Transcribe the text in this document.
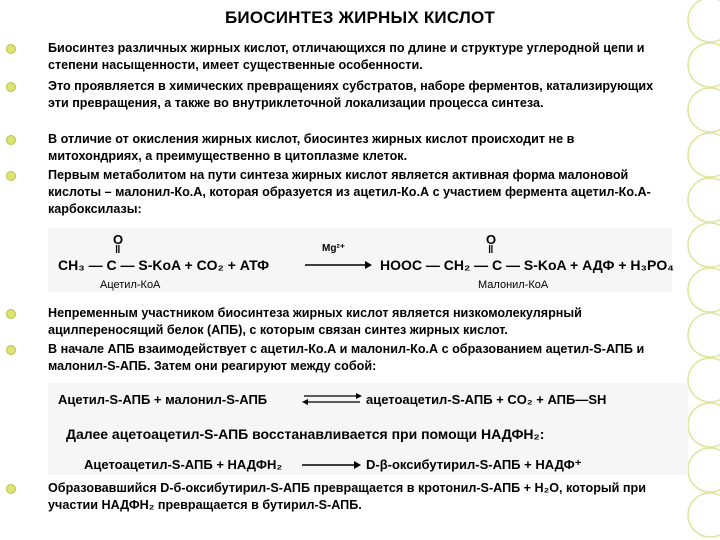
БИОСИНТЕЗ ЖИРНЫХ КИСЛОТ
Биосинтез различных жирных кислот, отличающихся по длине и структуре углеродной цепи и степени насыщенности, имеет существенные особенности.
Это проявляется в химических превращениях субстратов, наборе ферментов, катализирующих эти превращения, а также во внутриклеточной локализации процесса синтеза.
В отличие от окисления жирных кислот, биосинтез жирных кислот происходит не в митохондриях, а преимущественно в цитоплазме клеток.
Первым метаболитом на пути синтеза жирных кислот является активная форма малоновой кислоты – малонил-Ко.А, которая образуется из ацетил-Ко.А с участием фермента ацетил-Ко.А-карбоксилазы:
O
‖
O
‖
CH₃ — C — S-KoA + CO₂ + АТФ
Mg²⁺
HOOC — CH₂ — C — S-KoA + АДФ + H₃PO₄
Ацетил-КоА	Малонил-КоА
Непременным участником биосинтеза жирных кислот является низкомолекулярный ацилпереносящий белок (АПБ), с которым связан синтез жирных кислот.
В начале АПБ взаимодействует с ацетил-Ко.А и малонил-Ко.А с образованием ацетил-S-АПБ и малонил-S-АПБ. Затем они реагируют между собой:
Ацетил-S-АПБ + малонил-S-АПБ ⇌ ацетоацетил-S-АПБ + CO₂ + АПБ—SH
Далее ацетоацетил-S-АПБ восстанавливается при помощи НАДФН₂:
Ацетоацетил-S-АПБ + НАДФН₂ → D-β-оксибутирил-S-АПБ + НАДФ⁺
Образовавшийся D-б-оксибутирил-S-АПБ превращается в кротонил-S-АПБ + H₂O, который при участии НАДФН₂ превращается в бутирил-S-АПБ.
